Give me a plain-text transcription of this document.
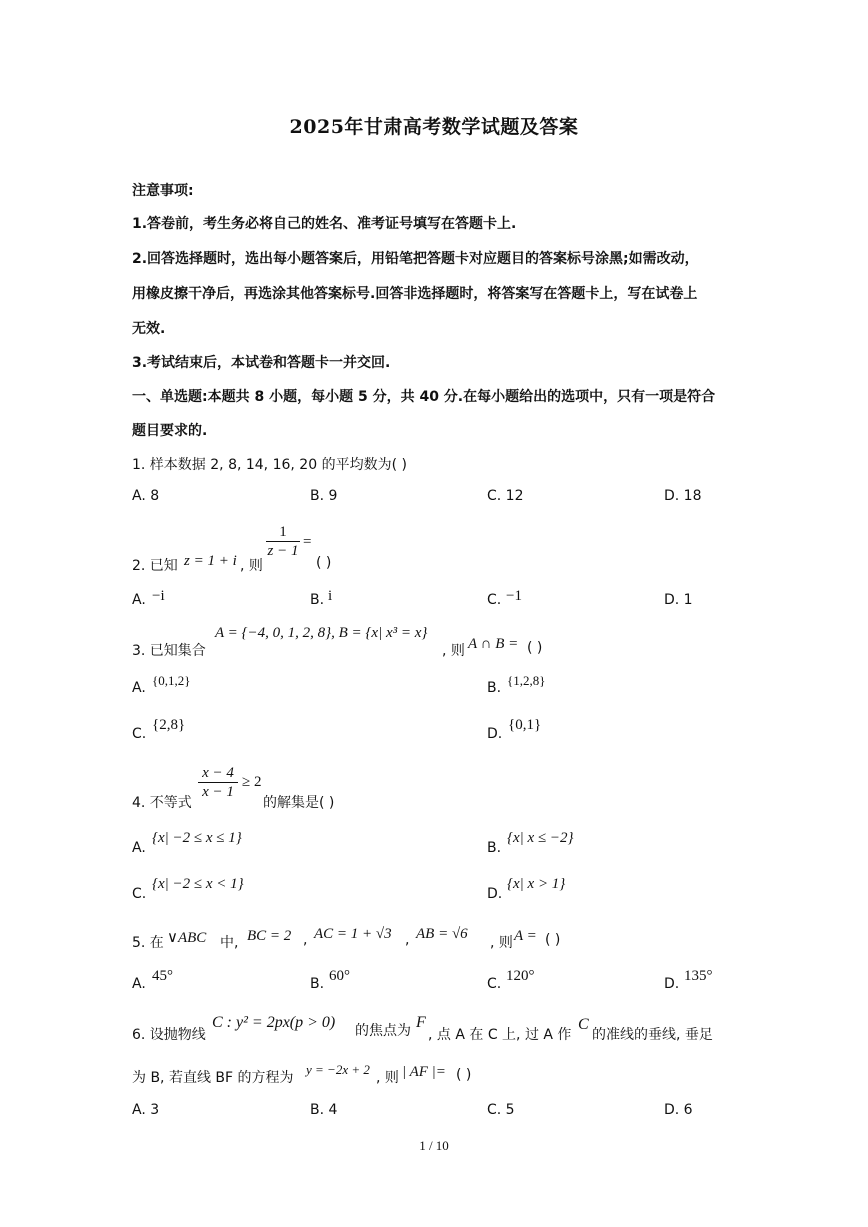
2025年甘肃高考数学试题及答案
注意事项:
1.答卷前，考生务必将自己的姓名、准考证号填写在答题卡上.
2.回答选择题时，选出每小题答案后，用铅笔把答题卡对应题目的答案标号涂黑;如需改动，
用橡皮擦干净后，再选涂其他答案标号.回答非选择题时，将答案写在答题卡上，写在试卷上
无效.
3.考试结束后，本试卷和答题卡一并交回.
一、单选题:本题共 8 小题，每小题 5 分，共 40 分.在每小题给出的选项中，只有一项是符合
题目要求的.
1. 样本数据 2, 8, 14, 16, 20 的平均数为( )
A. 8	B. 9	C. 12	D. 18
2. 已知 z = 1 + i , 则
$\frac{1}{z - 1}$ =
( )
A. −i	B. i	C. −1	D. 1
3. 已知集合
A = {−4, 0, 1, 2, 8}, B = {x| x³ = x}
, 则 A ∩ B = ( )
A. {0,1,2}	B. {1,2,8}
C.
{2,8}
D.
{0,1}
4. 不等式
$\frac{x - 4}{x - 1} \ge 2$
的解集是( )
A.
{x| −2 ≤ x ≤ 1}
B.
{x| x ≤ −2}
C.
{x| −2 ≤ x < 1}
D.
{x| x > 1}
5. 在 ∨ABC 中, BC = 2 , AC = 1 + √3 , AB = √6
, 则 A = ( )
A. 45°	B. 60°	C. 120°	D. 135°
6. 设抛物线
C : y² = 2px(p > 0) 的焦点为 F
, 点 A 在 C 上, 过 A 作
C
的准线的垂线, 垂足
为 B, 若直线 BF 的方程为
y = −2x + 2
, 则 | AF |= ( )
A. 3	B. 4	C. 5	D. 6
1 / 10
